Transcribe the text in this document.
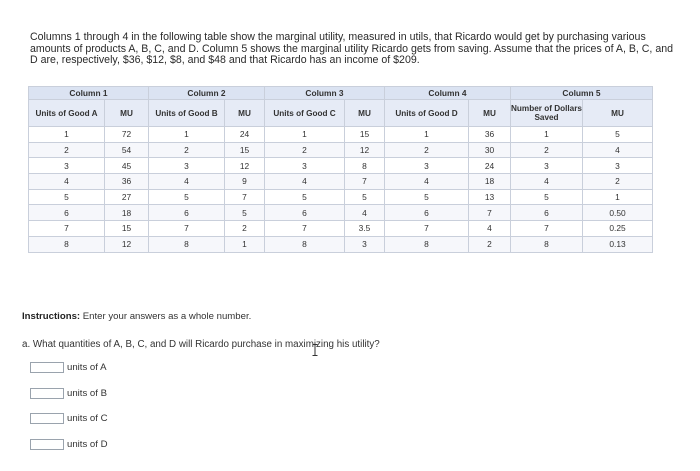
Columns 1 through 4 in the following table show the marginal utility, measured in utils, that Ricardo would get by purchasing various amounts of products A, B, C, and D. Column 5 shows the marginal utility Ricardo gets from saving. Assume that the prices of A, B, C, and D are, respectively, $36, $12, $8, and $48 and that Ricardo has an income of $209.
Column 1		Column 2		Column 3		Column 4		Column 5	
Units of Good A	MU	Units of Good B	MU	Units of Good C	MU	Units of Good D	MU	Number of Dollars Saved	MU
1	72	1	24	1	15	1	36	1	5
2	54	2	15	2	12	2	30	2	4
3	45	3	12	3	8	3	24	3	3
4	36	4	9	4	7	4	18	4	2
5	27	5	7	5	5	5	13	5	1
6	18	6	5	6	4	6	7	6	0.50
7	15	7	2	7	3.5	7	4	7	0.25
8	12	8	1	8	3	8	2	8	0.13
Instructions: Enter your answers as a whole number.
a. What quantities of A, B, C, and D will Ricardo purchase in maximizing his utility?
units of A
units of B
units of C
units of D
